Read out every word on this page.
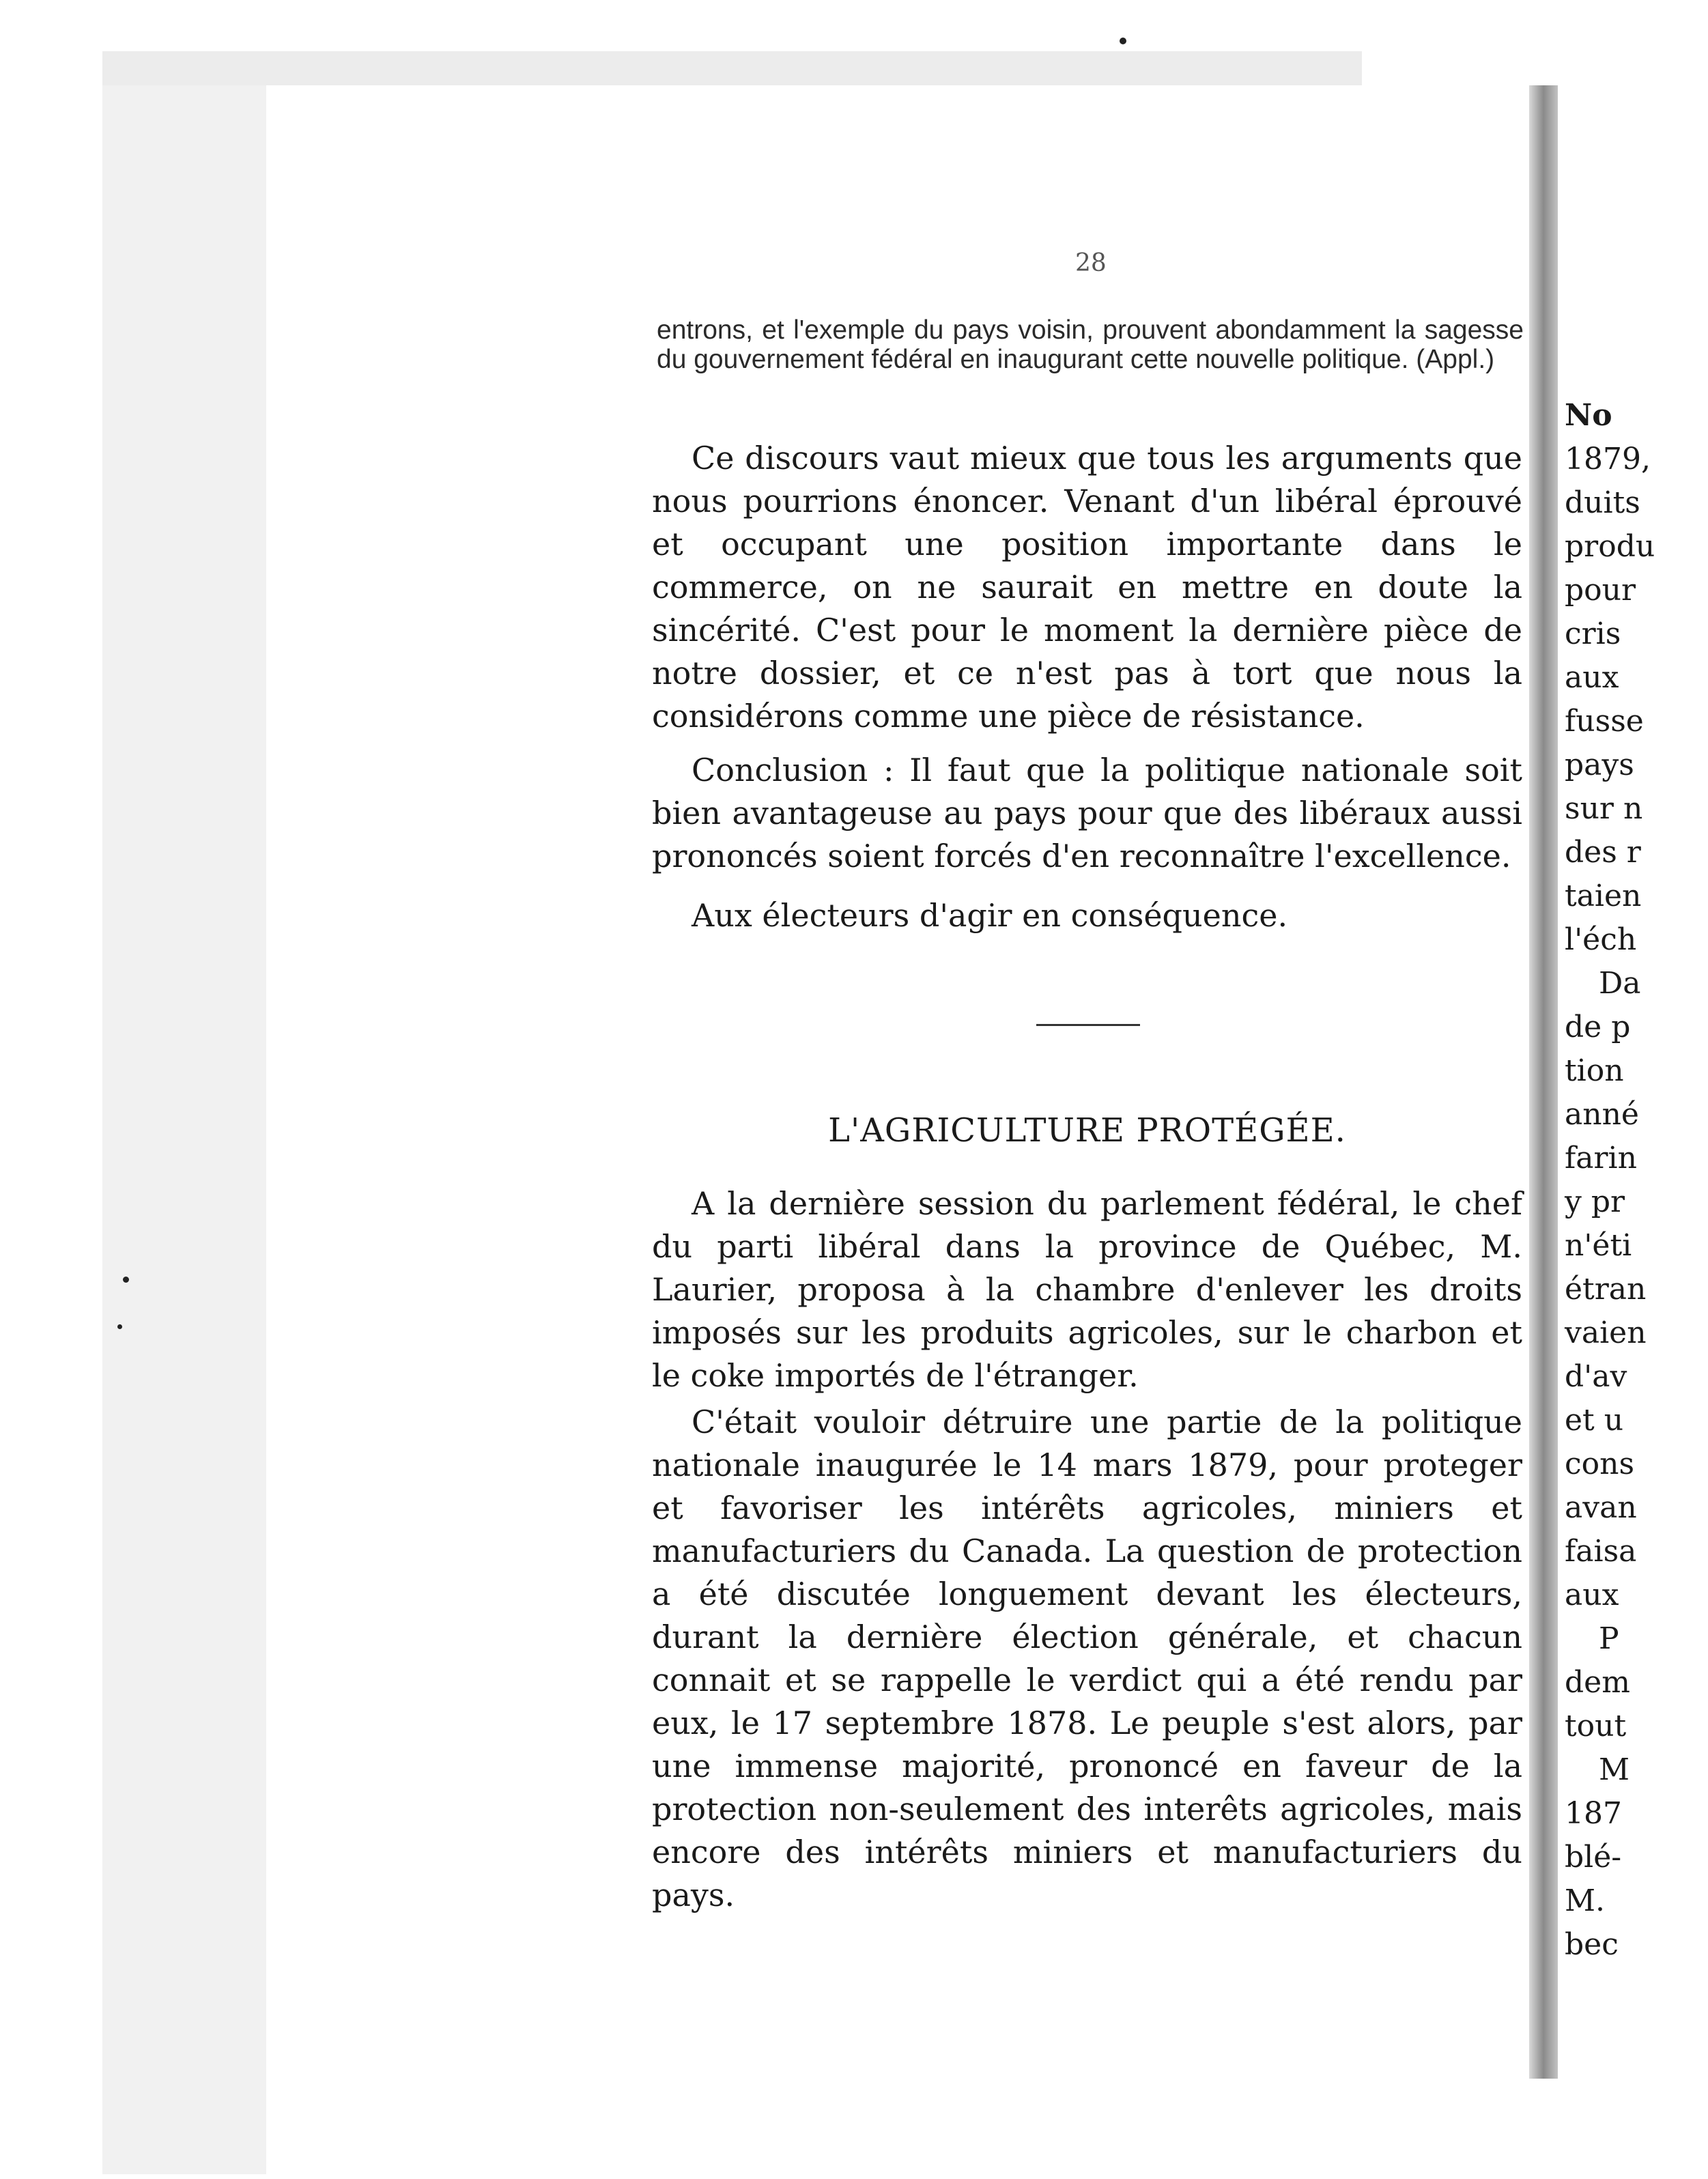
28
entrons, et l'exemple du pays voisin, prouvent abondamment la sagesse du gouvernement fédéral en inaugurant cette nouvelle politique. (Appl.)

Ce discours vaut mieux que tous les arguments que nous pourrions énoncer. Venant d'un libéral éprouvé et occupant une position importante dans le commerce, on ne saurait en mettre en doute la sincérité. C'est pour le moment la dernière pièce de notre dossier, et ce n'est pas à tort que nous la considérons comme une pièce de résistance.

Conclusion : Il faut que la politique nationale soit bien avantageuse au pays pour que des libéraux aussi prononcés soient forcés d'en reconnaître l'excellence.

Aux électeurs d'agir en conséquence.

L'AGRICULTURE PROTÉGÉE.

A la dernière session du parlement fédéral, le chef du parti libéral dans la province de Québec, M. Laurier, proposa à la chambre d'enlever les droits imposés sur les produits agricoles, sur le charbon et le coke importés de l'étranger.

C'était vouloir détruire une partie de la politique nationale inaugurée le 14 mars 1879, pour proteger et favoriser les intérêts agricoles, miniers et manufacturiers du Canada. La question de protection a été discutée longuement devant les électeurs, durant la dernière élection générale, et chacun connait et se rappelle le verdict qui a été rendu par eux, le 17 septembre 1878. Le peuple s'est alors, par une immense majorité, prononcé en faveur de la protection non-seulement des interêts agricoles, mais encore des intérêts miniers et manufacturiers du pays.

No
1879,
duits
produ
pour
cris
aux
fusse
pays
sur n
des r
taien
l'éch
Da
de p
tion
anné
farin
y pr
n'éti
étran
vaien
d'av
et u
cons
avan
faisa
aux
P
dem
tout
M
187
blé-
M.
bec
